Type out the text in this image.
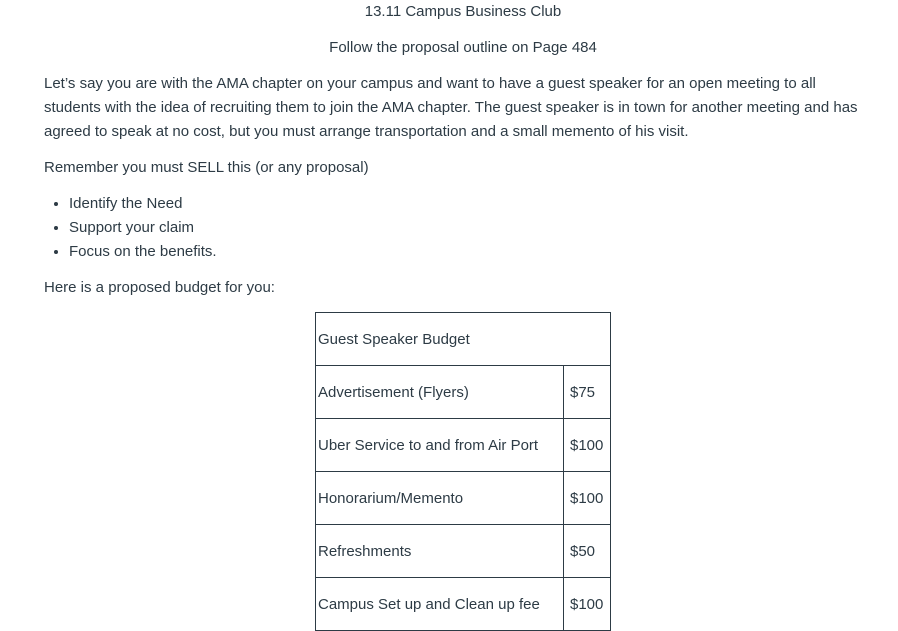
13.11 Campus Business Club
Follow the proposal outline on Page 484

Let’s say you are with the AMA chapter on your campus and want to have a guest speaker for an open meeting to all students with the idea of recruiting them to join the AMA chapter. The guest speaker is in town for another meeting and has agreed to speak at no cost, but you must arrange transportation and a small memento of his visit.

Remember you must SELL this (or any proposal)

• Identify the Need
• Support your claim
• Focus on the benefits.

Here is a proposed budget for you:

Guest Speaker Budget	
Advertisement (Flyers)	$75
Uber Service to and from Air Port	$100
Honorarium/Memento	$100
Refreshments	$50
Campus Set up and Clean up fee	$100
